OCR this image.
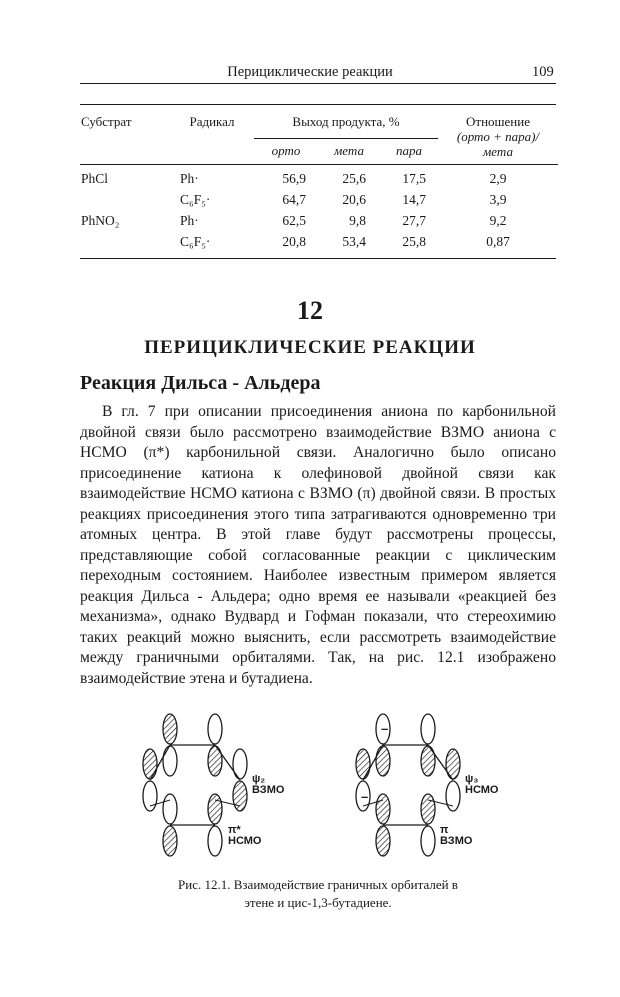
Перициклические реакции	109
Субстрат	Радикал	Выход продукта, %			Отношение
(орто + пара)/
мета
		орто	мета	пара	

PhCl	Ph·	56,9	25,6	17,5	2,9
	C₆F₅·	64,7	20,6	14,7	3,9
PhNO₂	Ph·	62,5	9,8	27,7	9,2
	C₆F₅·	20,8	53,4	25,8	0,87
12
ПЕРИЦИКЛИЧЕСКИЕ РЕАКЦИИ
Реакция Дильса - Альдера

В гл. 7 при описании присоединения аниона по карбонильной двойной связи было рассмотрено взаимодействие ВЗМО аниона с НСМО (π*) карбонильной связи. Аналогично было описано присоединение катиона к олефиновой двойной связи как взаимодействие НСМО катиона с ВЗМО (π) двойной связи. В простых реакциях присоединения этого типа затрагиваются одновременно три атомных центра. В этой главе будут рассмотрены процессы, представляющие собой согласованные реакции с циклическим переходным состоянием. Наиболее известным примером является реакция Дильса - Альдера; одно время ее называли «реакцией без механизма», однако Вудвард и Гофман показали, что стереохимию таких реакций можно выяснить, если рассмотреть взаимодействие между граничными орбиталями. Так, на рис. 12.1 изображено взаимодействие этена и бутадиена.

ψ₂
ВЗМО
π*
НСМО
ψ₃
НСМО
π
ВЗМО
–
–
Рис. 12.1. Взаимодействие граничных орбиталей в
этене и цис-1,3-бутадиене.
